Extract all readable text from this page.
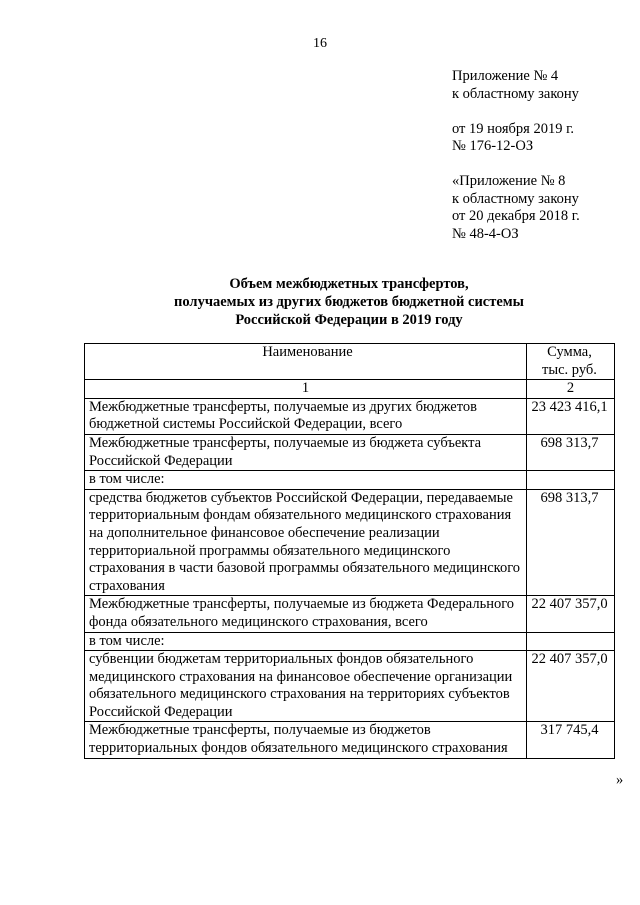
16
Приложение № 4
к областному закону
от 19 ноября 2019 г.
№ 176-12-ОЗ
«Приложение № 8
к областному закону
от 20 декабря 2018 г.
№ 48-4-ОЗ
Объем межбюджетных трансфертов,
получаемых из других бюджетов бюджетной системы
Российской Федерации в 2019 году
Наименование	Сумма,
тыс. руб.

1	2
Межбюджетные трансферты, получаемые из других бюджетов бюджетной системы Российской Федерации, всего	23 423 416,1
Межбюджетные трансферты, получаемые из бюджета субъекта Российской Федерации	698 313,7
в том числе:	
средства бюджетов субъектов Российской Федерации, передаваемые территориальным фондам обязательного медицинского страхования на дополнительное финансовое обеспечение реализации территориальной программы обязательного медицинского страхования в части базовой программы обязательного медицинского страхования	698 313,7
Межбюджетные трансферты, получаемые из бюджета Федерального фонда обязательного медицинского страхования, всего	22 407 357,0
в том числе:	
субвенции бюджетам территориальных фондов обязательного медицинского страхования на финансовое обеспечение организации обязательного медицинского страхования на территориях субъектов Российской Федерации	22 407 357,0
Межбюджетные трансферты, получаемые из бюджетов территориальных фондов обязательного медицинского страхования	317 745,4
»
